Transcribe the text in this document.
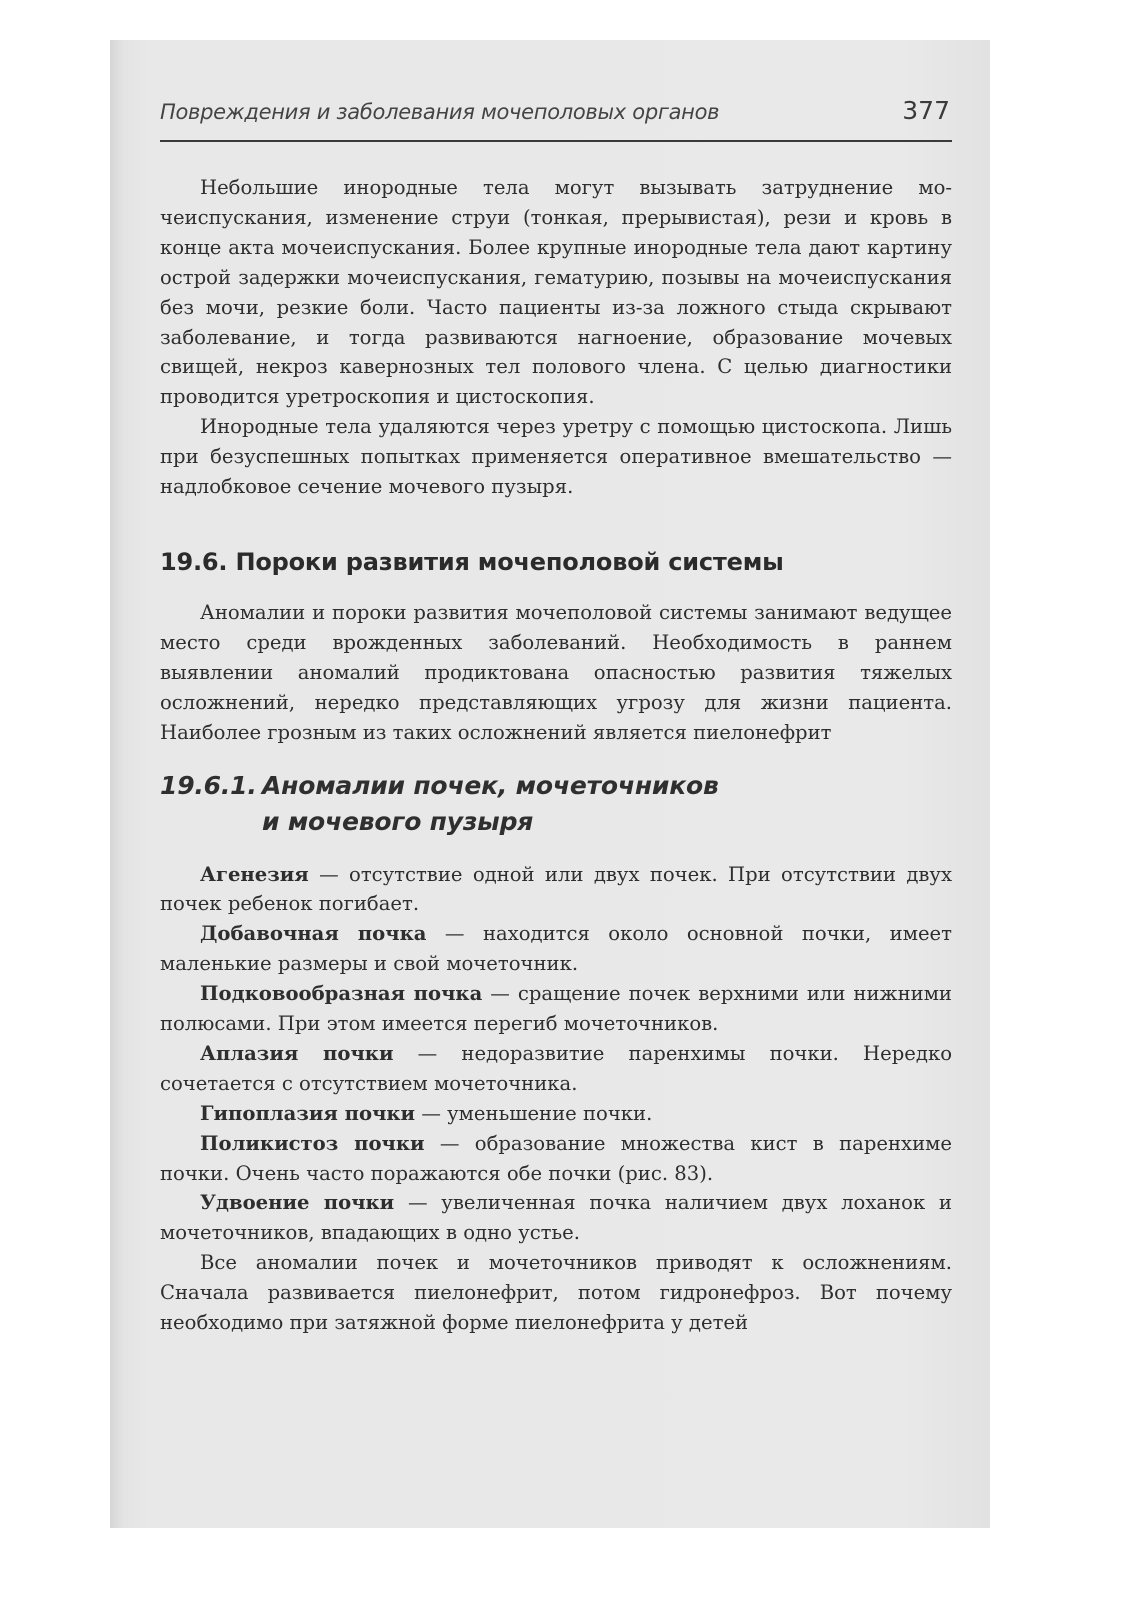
Повреждения и заболевания мочеполовых органов	377

Небольшие инородные тела могут вызывать затруднение мочеиспускания, изменение струи (тонкая, прерывистая), рези и кровь в конце акта мочеиспускания. Более крупные инородные тела дают картину острой задержки мочеиспускания, гематурию, позывы на мочеиспускания без мочи, резкие боли. Часто пациенты из-за ложного стыда скрывают заболевание, и тогда развиваются нагноение, образование мочевых свищей, некроз кавернозных тел полового члена. С целью диагностики проводится уретроскопия и цистоскопия.

Инородные тела удаляются через уретру с помощью цистоскопа. Лишь при безуспешных попытках применяется оперативное вмешательство — надлобковое сечение мочевого пузыря.

19.6. Пороки развития мочеполовой системы

Аномалии и пороки развития мочеполовой системы занимают ведущее место среди врожденных заболеваний. Необходимость в раннем выявлении аномалий продиктована опасностью развития тяжелых осложнений, нередко представляющих угрозу для жизни пациента. Наиболее грозным из таких осложнений является пиелонефрит

19.6.1. Аномалии почек, мочеточников
и мочевого пузыря

Агенезия — отсутствие одной или двух почек. При отсутствии двух почек ребенок погибает.

Добавочная почка — находится около основной почки, имеет маленькие размеры и свой мочеточник.

Подковообразная почка — сращение почек верхними или нижними полюсами. При этом имеется перегиб мочеточников.

Аплазия почки — недоразвитие паренхимы почки. Нередко сочетается с отсутствием мочеточника.

Гипоплазия почки — уменьшение почки.

Поликистоз почки — образование множества кист в паренхиме почки. Очень часто поражаются обе почки (рис. 83).

Удвоение почки — увеличенная почка наличием двух лоханок и мочеточников, впадающих в одно устье.

Все аномалии почек и мочеточников приводят к осложнениям. Сначала развивается пиелонефрит, потом гидронефроз. Вот почему необходимо при затяжной форме пиелонефрита у детей
